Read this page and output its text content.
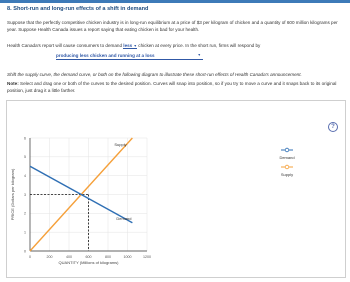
8. Short-run and long-run effects of a shift in demand
Suppose that the perfectly competitive chicken industry is in long-run equilibrium at a price of $3 per kilogram of chicken and a quantity of 600 million kilograms per year. Suppose Health Canada issues a report saying that eating chicken is bad for your health.
Health Canada's report will cause consumers to demand less ▼ chicken at every price. In the short run, firms will respond by
producing less chicken and running at a loss	▼
Shift the supply curve, the demand curve, or both on the following diagram to illustrate these short-run effects of Health Canada's announcement.
Note: Select and drag one or both of the curves to the desired position. Curves will snap into position, so if you try to move a curve and it snaps back to its original position, just drag it a little farther.
0
1
2
3
4
5
6
0	200	400	600	800	1000	1200
QUANTITY (Millions of kilograms)
PRICE (Dollars per kilogram)
Supply
Demand
Demand
Supply
?
